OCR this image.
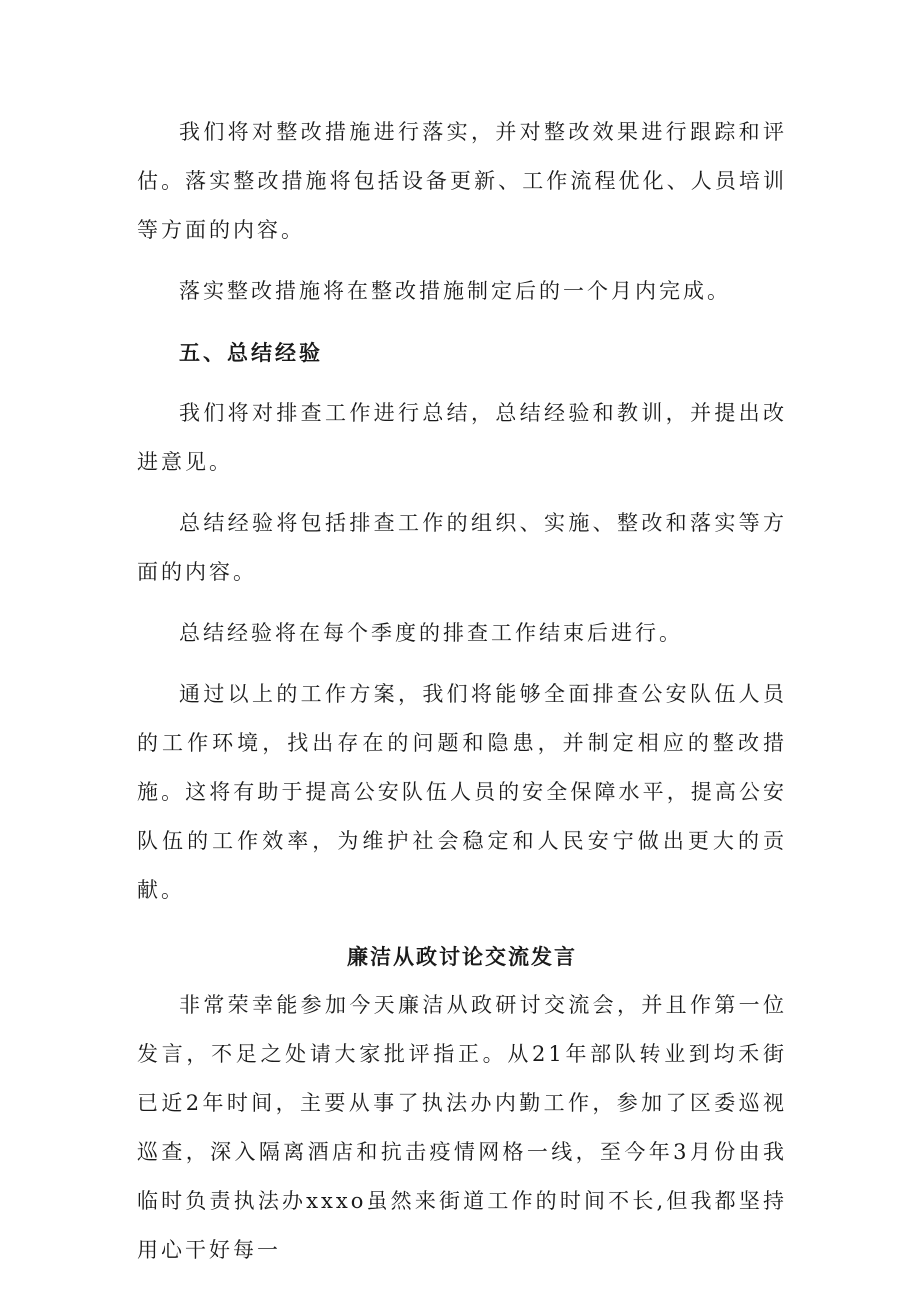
我们将对整改措施进行落实，并对整改效果进行跟踪和评估。落实整改措施将包括设备更新、工作流程优化、人员培训等方面的内容。

落实整改措施将在整改措施制定后的一个月内完成。

五、总结经验

我们将对排查工作进行总结，总结经验和教训，并提出改进意见。

总结经验将包括排查工作的组织、实施、整改和落实等方面的内容。

总结经验将在每个季度的排查工作结束后进行。

通过以上的工作方案，我们将能够全面排查公安队伍人员的工作环境，找出存在的问题和隐患，并制定相应的整改措施。这将有助于提高公安队伍人员的安全保障水平，提高公安队伍的工作效率，为维护社会稳定和人民安宁做出更大的贡献。

廉洁从政讨论交流发言

非常荣幸能参加今天廉洁从政研讨交流会，并且作第一位发言，不足之处请大家批评指正。从21年部队转业到均禾街已近2年时间，主要从事了执法办内勤工作，参加了区委巡视巡查，深入隔离酒店和抗击疫情网格一线，至今年3月份由我临时负责执法办xxxo虽然来街道工作的时间不长,但我都坚持用心干好每一
